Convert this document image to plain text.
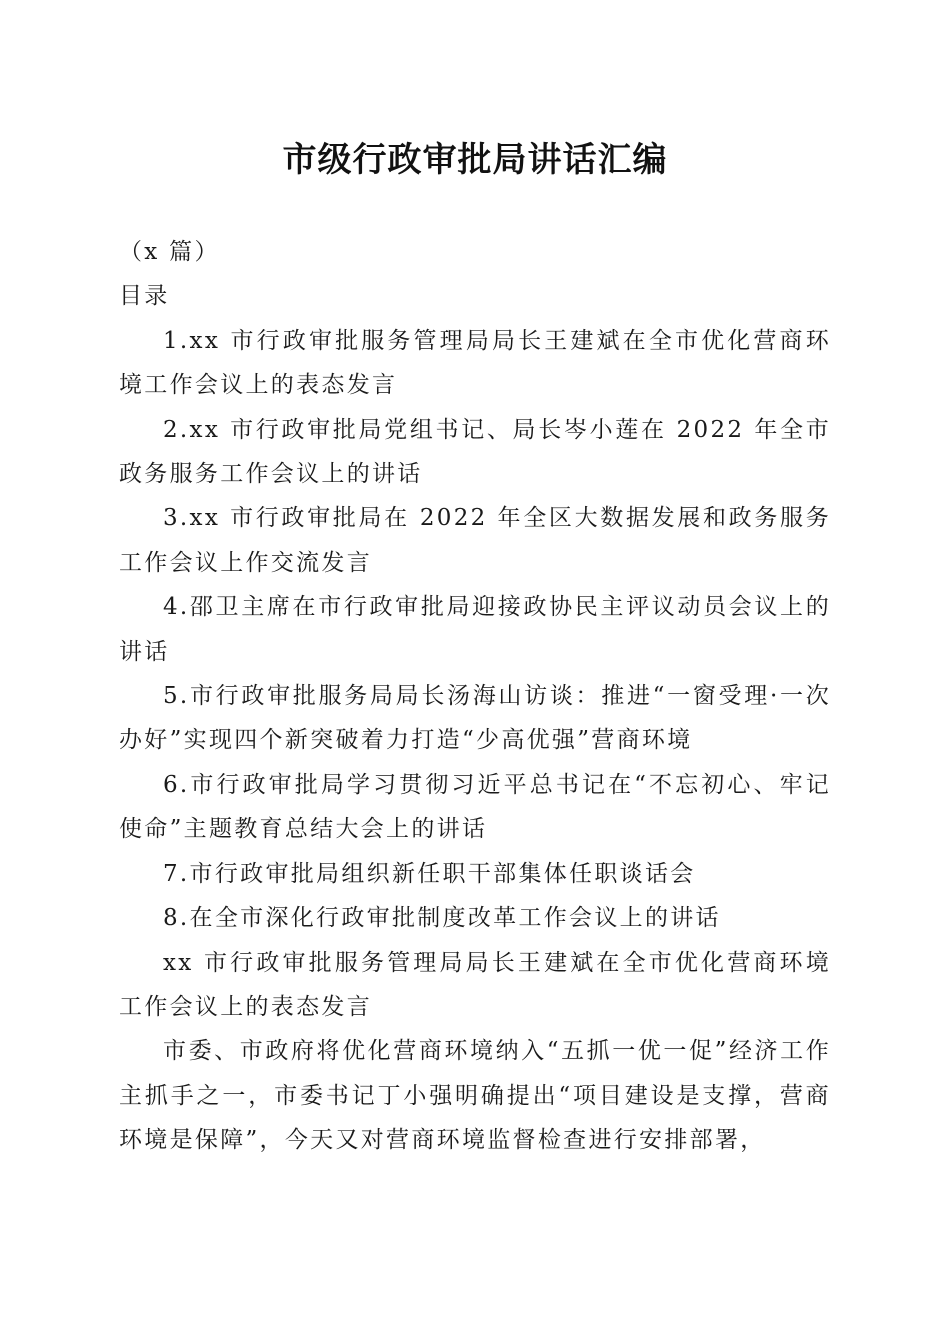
市级行政审批局讲话汇编

（x 篇）

目录

1.xx 市行政审批服务管理局局长王建斌在全市优化营商环境工作会议上的表态发言

2.xx 市行政审批局党组书记、局长岑小莲在 2022 年全市政务服务工作会议上的讲话

3.xx 市行政审批局在 2022 年全区大数据发展和政务服务工作会议上作交流发言

4.邵卫主席在市行政审批局迎接政协民主评议动员会议上的讲话

5.市行政审批服务局局长汤海山访谈：推进“一窗受理·一次办好”实现四个新突破着力打造“少高优强”营商环境

6.市行政审批局学习贯彻习近平总书记在“不忘初心、牢记使命”主题教育总结大会上的讲话

7.市行政审批局组织新任职干部集体任职谈话会

8.在全市深化行政审批制度改革工作会议上的讲话

xx 市行政审批服务管理局局长王建斌在全市优化营商环境工作会议上的表态发言

市委、市政府将优化营商环境纳入“五抓一优一促”经济工作主抓手之一，市委书记丁小强明确提出“项目建设是支撑，营商环境是保障”，今天又对营商环境监督检查进行安排部署，
